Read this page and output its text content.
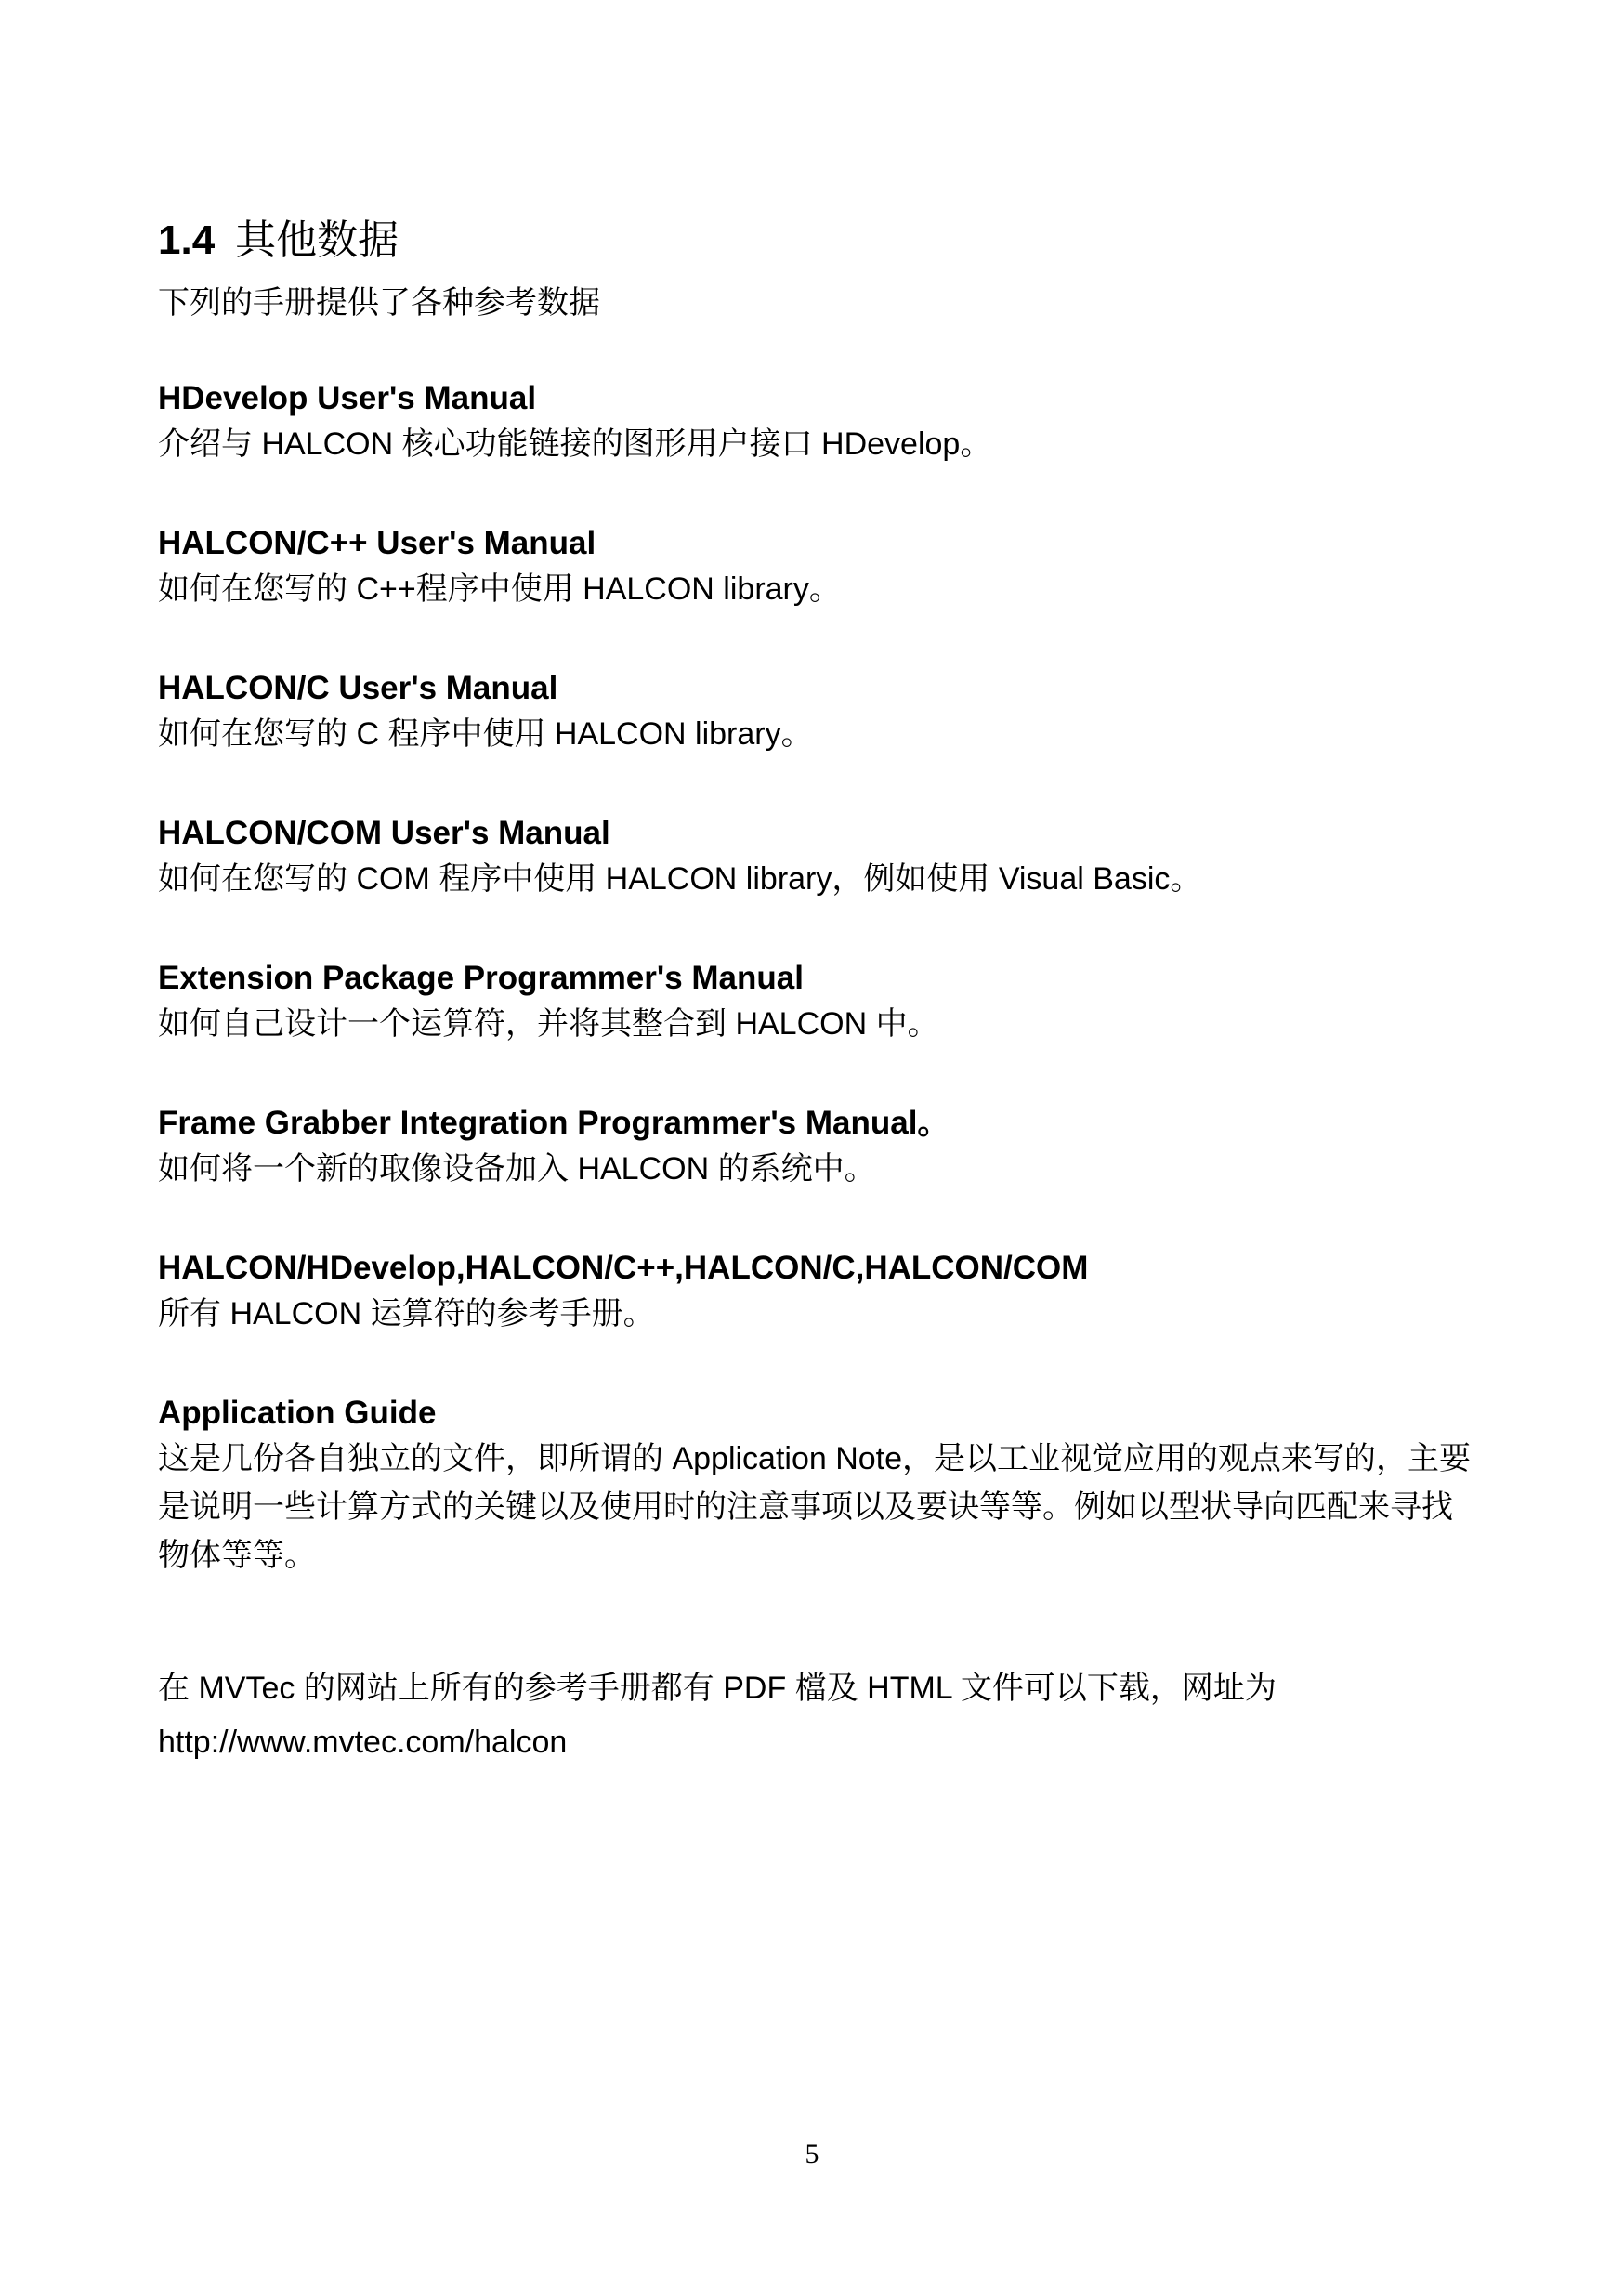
1.4 其他数据

下列的手册提供了各种参考数据

HDevelop User's Manual
介绍与 HALCON 核心功能链接的图形用户接口 HDevelop。
HALCON/C++ User's Manual
如何在您写的 C++程序中使用 HALCON library。
HALCON/C User's Manual
如何在您写的 C 程序中使用 HALCON library。
HALCON/COM User's Manual
如何在您写的 COM 程序中使用 HALCON library，例如使用 Visual Basic。
Extension Package Programmer's Manual
如何自己设计一个运算符，并将其整合到 HALCON 中。
Frame Grabber Integration Programmer's Manual。
如何将一个新的取像设备加入 HALCON 的系统中。
HALCON/HDevelop,HALCON/C++,HALCON/C,HALCON/COM
所有 HALCON 运算符的参考手册。
Application Guide
这是几份各自独立的文件，即所谓的 Application Note，是以工业视觉应用的观点来写的，主要是说明一些计算方式的关键以及使用时的注意事项以及要诀等等。例如以型状导向匹配来寻找物体等等。
在 MVTec 的网站上所有的参考手册都有 PDF 檔及 HTML 文件可以下载，网址为
http://www.mvtec.com/halcon
5
